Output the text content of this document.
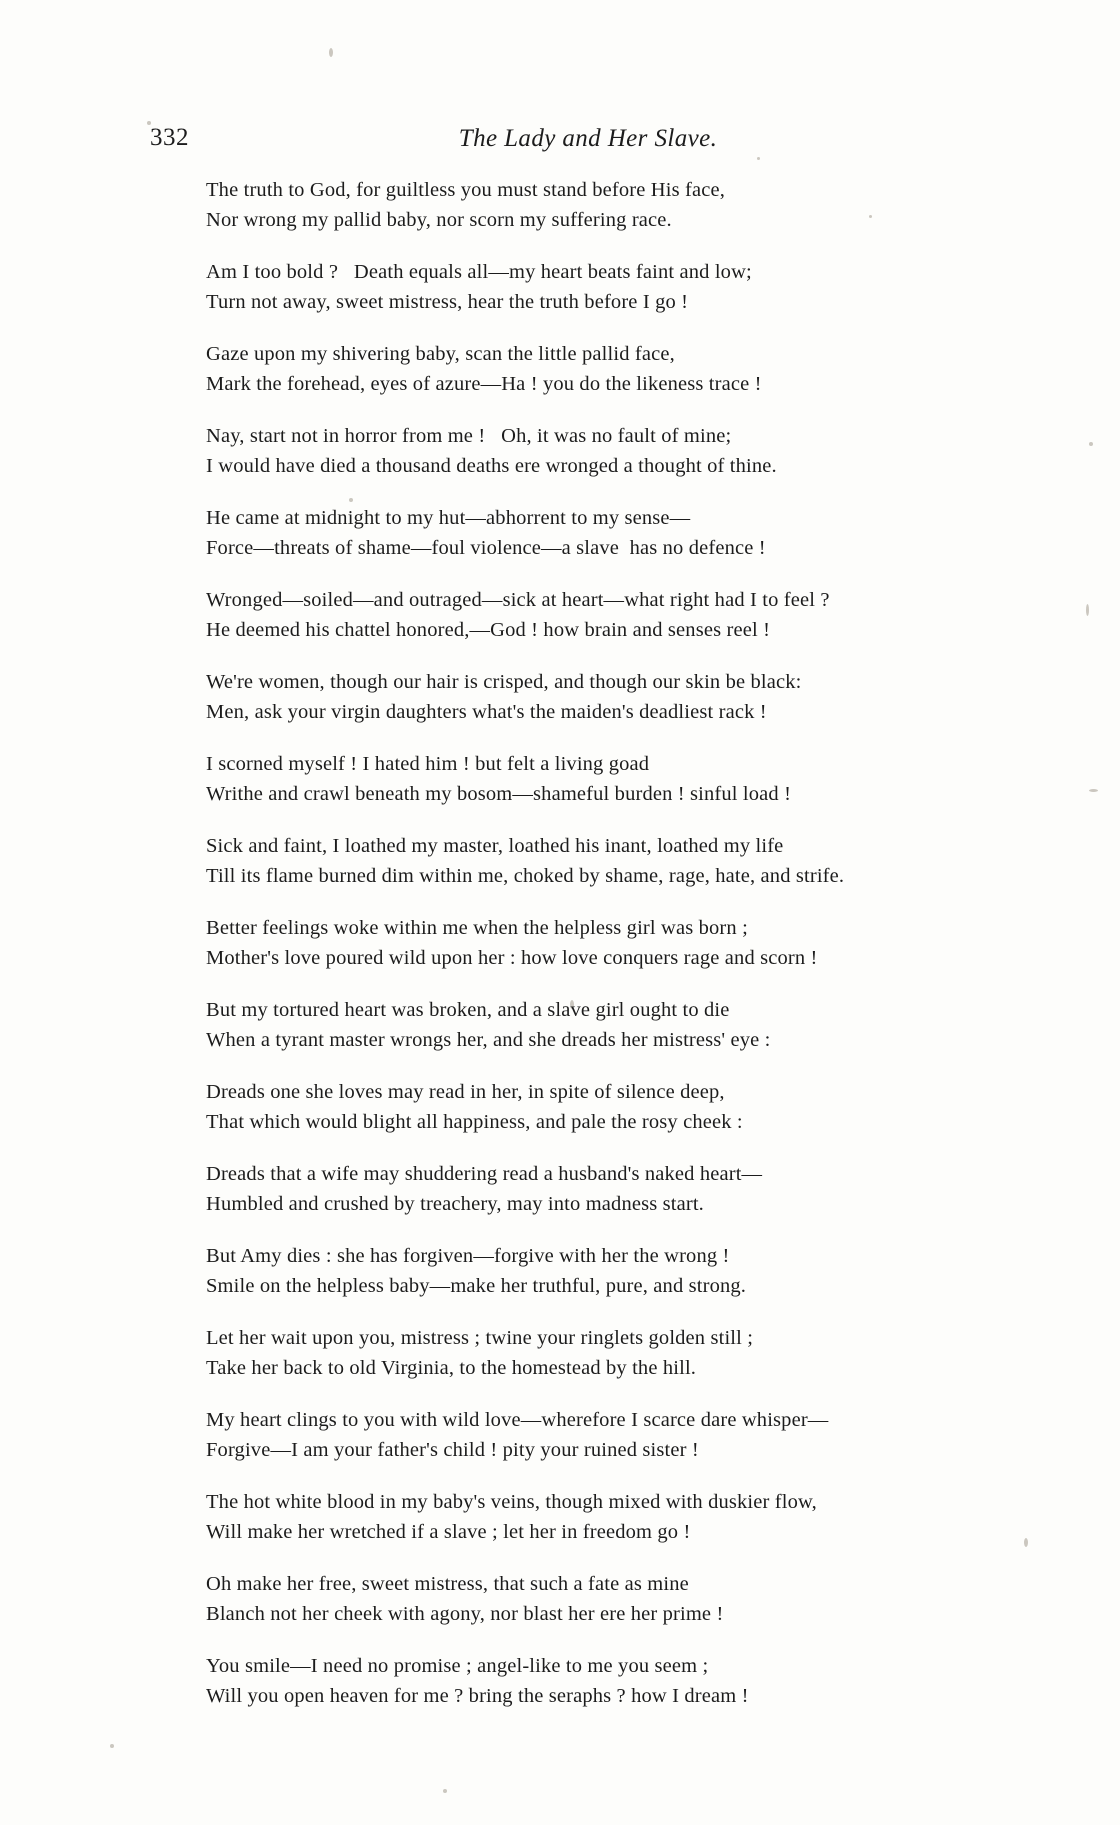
332	The Lady and Her Slave.
The truth to God, for guiltless you must stand before His face,
Nor wrong my pallid baby, nor scorn my suffering race.
Am I too bold ?   Death equals all—my heart beats faint and low;
Turn not away, sweet mistress, hear the truth before I go !
Gaze upon my shivering baby, scan the little pallid face,
Mark the forehead, eyes of azure—Ha ! you do the likeness trace !
Nay, start not in horror from me !   Oh, it was no fault of mine;
I would have died a thousand deaths ere wronged a thought of thine.
He came at midnight to my hut—abhorrent to my sense—
Force—threats of shame—foul violence—a slave  has no defence !
Wronged—soiled—and outraged—sick at heart—what right had I to feel ?
He deemed his chattel honored,—God ! how brain and senses reel !
We're women, though our hair is crisped, and though our skin be black:
Men, ask your virgin daughters what's the maiden's deadliest rack !
I scorned myself ! I hated him ! but felt a living goad
Writhe and crawl beneath my bosom—shameful burden ! sinful load !
Sick and faint, I loathed my master, loathed his inant, loathed my life
Till its flame burned dim within me, choked by shame, rage, hate, and strife.
Better feelings woke within me when the helpless girl was born ;
Mother's love poured wild upon her : how love conquers rage and scorn !
But my tortured heart was broken, and a slave girl ought to die
When a tyrant master wrongs her, and she dreads her mistress' eye :
Dreads one she loves may read in her, in spite of silence deep,
That which would blight all happiness, and pale the rosy cheek :
Dreads that a wife may shuddering read a husband's naked heart—
Humbled and crushed by treachery, may into madness start.
But Amy dies : she has forgiven—forgive with her the wrong !
Smile on the helpless baby—make her truthful, pure, and strong.
Let her wait upon you, mistress ; twine your ringlets golden still ;
Take her back to old Virginia, to the homestead by the hill.
My heart clings to you with wild love—wherefore I scarce dare whisper—
Forgive—I am your father's child ! pity your ruined sister !
The hot white blood in my baby's veins, though mixed with duskier flow,
Will make her wretched if a slave ; let her in freedom go !
Oh make her free, sweet mistress, that such a fate as mine
Blanch not her cheek with agony, nor blast her ere her prime !
You smile—I need no promise ; angel-like to me you seem ;
Will you open heaven for me ? bring the seraphs ? how I dream !
